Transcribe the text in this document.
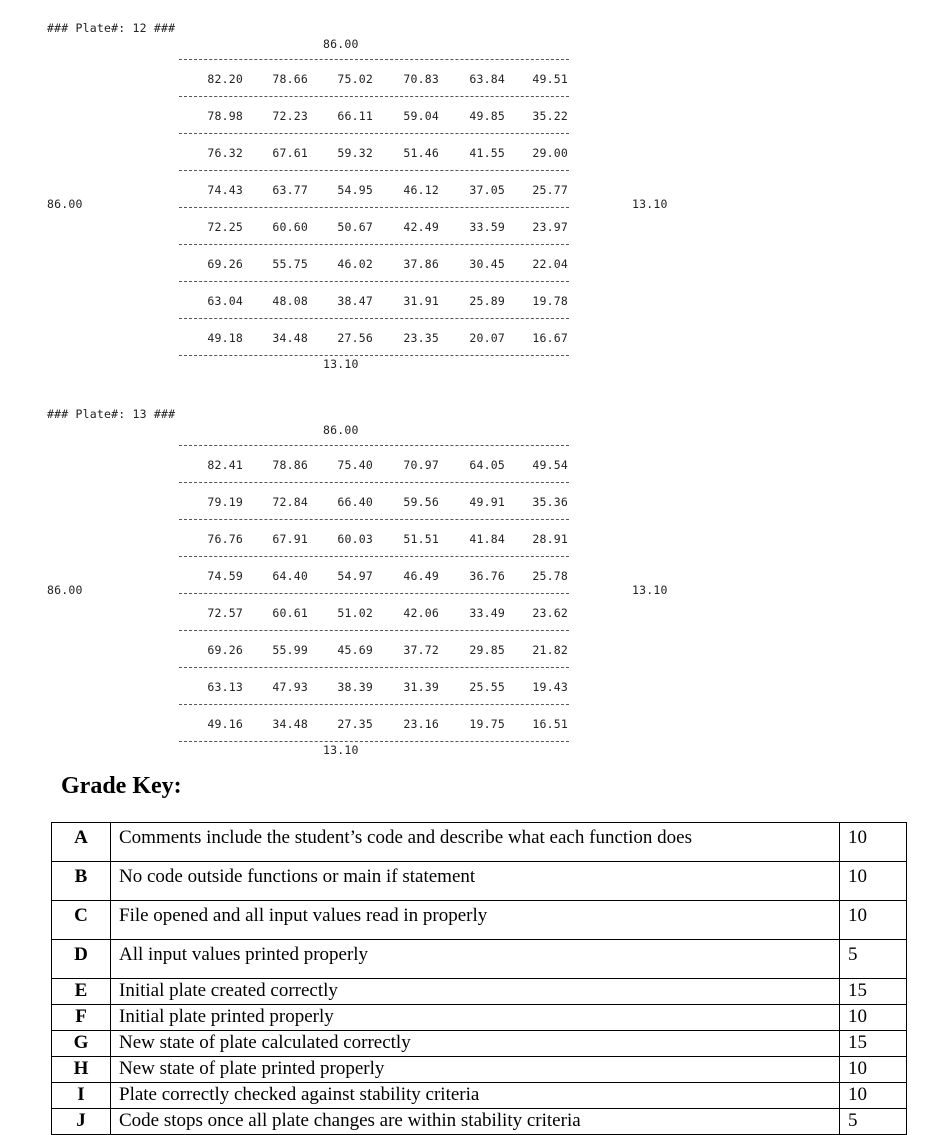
### Plate#: 12 ###
86.00
86.00	13.10
13.10
82.20	78.66	75.02	70.83	63.84	49.51
78.98	72.23	66.11	59.04	49.85	35.22
76.32	67.61	59.32	51.46	41.55	29.00
74.43	63.77	54.95	46.12	37.05	25.77
72.25	60.60	50.67	42.49	33.59	23.97
69.26	55.75	46.02	37.86	30.45	22.04
63.04	48.08	38.47	31.91	25.89	19.78
49.18	34.48	27.56	23.35	20.07	16.67
### Plate#: 13 ###
86.00
86.00	13.10
13.10
82.41	78.86	75.40	70.97	64.05	49.54
79.19	72.84	66.40	59.56	49.91	35.36
76.76	67.91	60.03	51.51	41.84	28.91
74.59	64.40	54.97	46.49	36.76	25.78
72.57	60.61	51.02	42.06	33.49	23.62
69.26	55.99	45.69	37.72	29.85	21.82
63.13	47.93	38.39	31.39	25.55	19.43
49.16	34.48	27.35	23.16	19.75	16.51
Grade Key:
A	Comments include the student’s code and describe what each function does	10
B	No code outside functions or main if statement	10
C	File opened and all input values read in properly	10
D	All input values printed properly	5
E	Initial plate created correctly	15
F	Initial plate printed properly	10
G	New state of plate calculated correctly	15
H	New state of plate printed properly	10
I	Plate correctly checked against stability criteria	10
J	Code stops once all plate changes are within stability criteria	5
